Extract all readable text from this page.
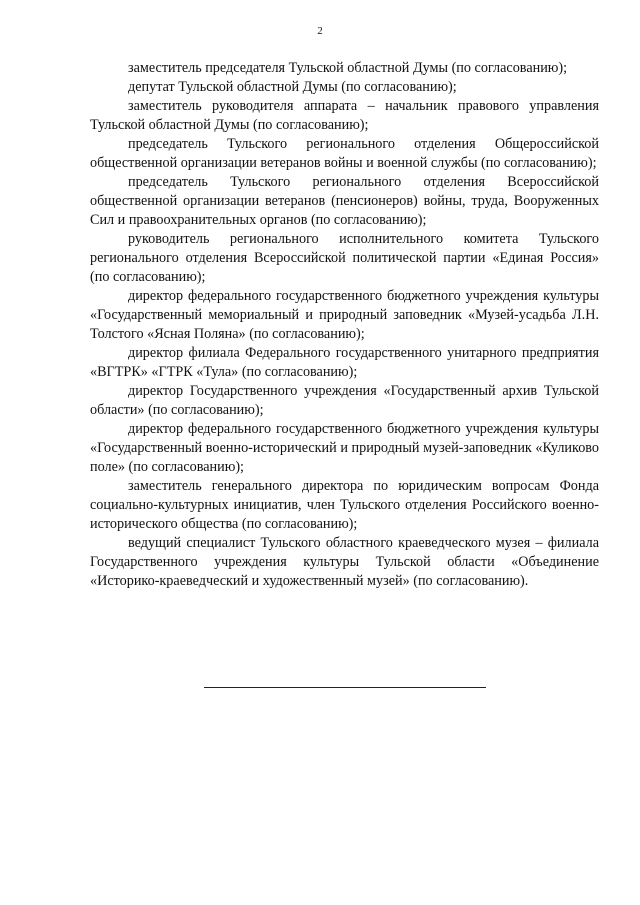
2

заместитель председателя Тульской областной Думы (по согласованию);

депутат Тульской областной Думы (по согласованию);

заместитель руководителя аппарата – начальник правового управления Тульской областной Думы (по согласованию);

председатель Тульского регионального отделения Общероссийской общественной организации ветеранов войны и военной службы (по согласованию);

председатель Тульского регионального отделения Всероссийской общественной организации ветеранов (пенсионеров) войны, труда, Вооруженных Сил и правоохранительных органов (по согласованию);

руководитель регионального исполнительного комитета Тульского регионального отделения Всероссийской политической партии «Единая Россия» (по согласованию);

директор федерального государственного бюджетного учреждения культуры «Государственный мемориальный и природный заповедник «Музей-усадьба Л.Н. Толстого «Ясная Поляна» (по согласованию);

директор филиала Федерального государственного унитарного предприятия «ВГТРК» «ГТРК «Тула» (по согласованию);

директор Государственного учреждения «Государственный архив Тульской области» (по согласованию);

директор федерального государственного бюджетного учреждения культуры «Государственный военно-исторический и природный музей-заповедник «Куликово поле» (по согласованию);

заместитель генерального директора по юридическим вопросам Фонда социально-культурных инициатив, член Тульского отделения Российского военно-исторического общества (по согласованию);

ведущий специалист Тульского областного краеведческого музея – филиала Государственного учреждения культуры Тульской области «Объединение «Историко-краеведческий и художественный музей» (по согласованию).
